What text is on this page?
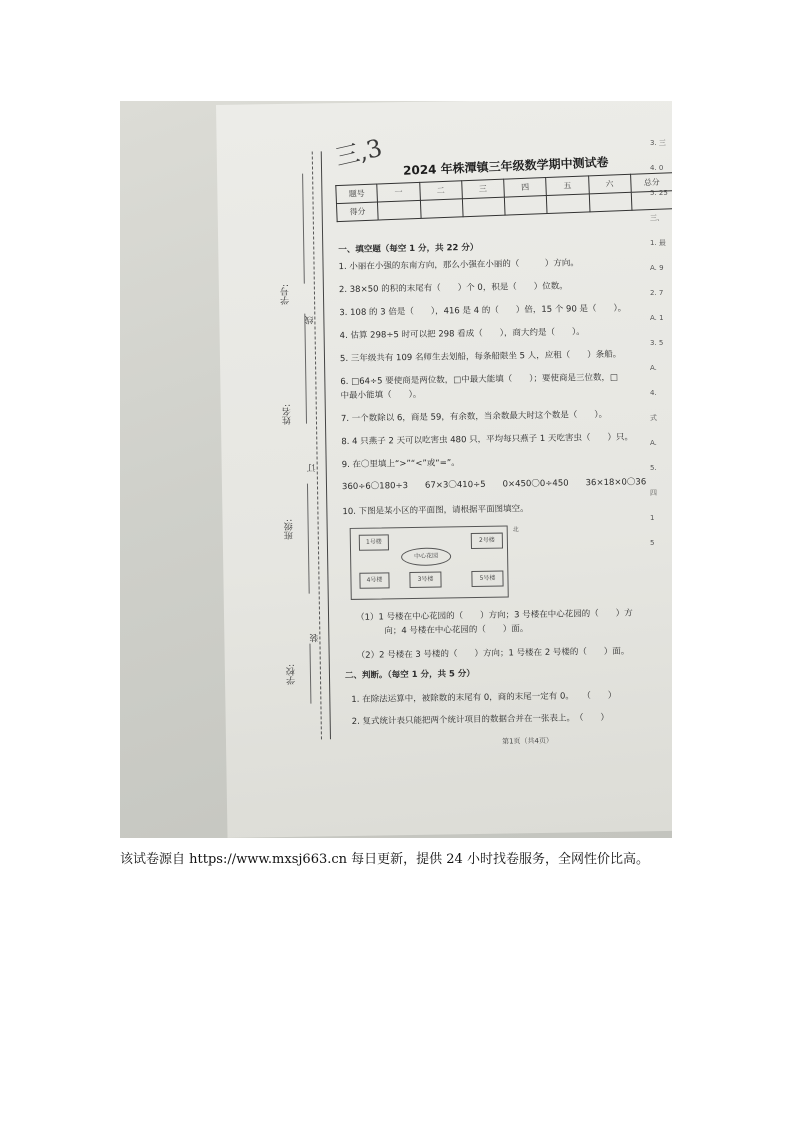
学号:
线
姓名:
订
班级:
装
学校:
三,3 2024 年株潭镇三年级数学期中测试卷
题号	一	二	三	四	五	六	总分
得分							
一、填空题（每空 1 分，共 22 分）
1. 小丽在小强的东南方向，那么小强在小丽的（　　　）方向。
2. 38×50 的积的末尾有（　　）个 0，积是（　　）位数。
3. 108 的 3 倍是（　　），416 是 4 的（　　）倍，15 个 90 是（　　）。
4. 估算 298÷5 时可以把 298 看成（　　），商大约是（　　）。
5. 三年级共有 109 名师生去划船，每条船限坐 5 人，应租（　　）条船。
6. □64÷5 要使商是两位数，□中最大能填（　　）；要使商是三位数，□
中最小能填（　　）。
7. 一个数除以 6，商是 59，有余数，当余数最大时这个数是（　　）。
8. 4 只燕子 2 天可以吃害虫 480 只，平均每只燕子 1 天吃害虫（　　）只。
9. 在〇里填上“>”“<”或“=”。
360÷6〇180÷3　　67×3〇410÷5　　0×450〇0÷450　　36×18×0〇36
10. 下图是某小区的平面图，请根据平面图填空。
北
1号楼	2号楼
中心花园
4号楼	3号楼	5号楼
（1）1 号楼在中心花园的（　　）方向；3 号楼在中心花园的（　　）方
向；4 号楼在中心花园的（　　）面。
（2）2 号楼在 3 号楼的（　　）方向；1 号楼在 2 号楼的（　　）面。
二、判断。（每空 1 分，共 5 分）
1. 在除法运算中，被除数的末尾有 0，商的末尾一定有 0。　　（　　）
2. 复式统计表只能把两个统计项目的数据合并在一张表上。　（　　）
第1页（共4页）
3. 三
4. 0
5. 25
三、
1. 最
A. 9
2. 7
A. 1
3. 5
A.
4.
式
A.
5.
四
1
5
该试卷源自 https://www.mxsj663.cn 每日更新，提供 24 小时找卷服务，全网性价比高。
